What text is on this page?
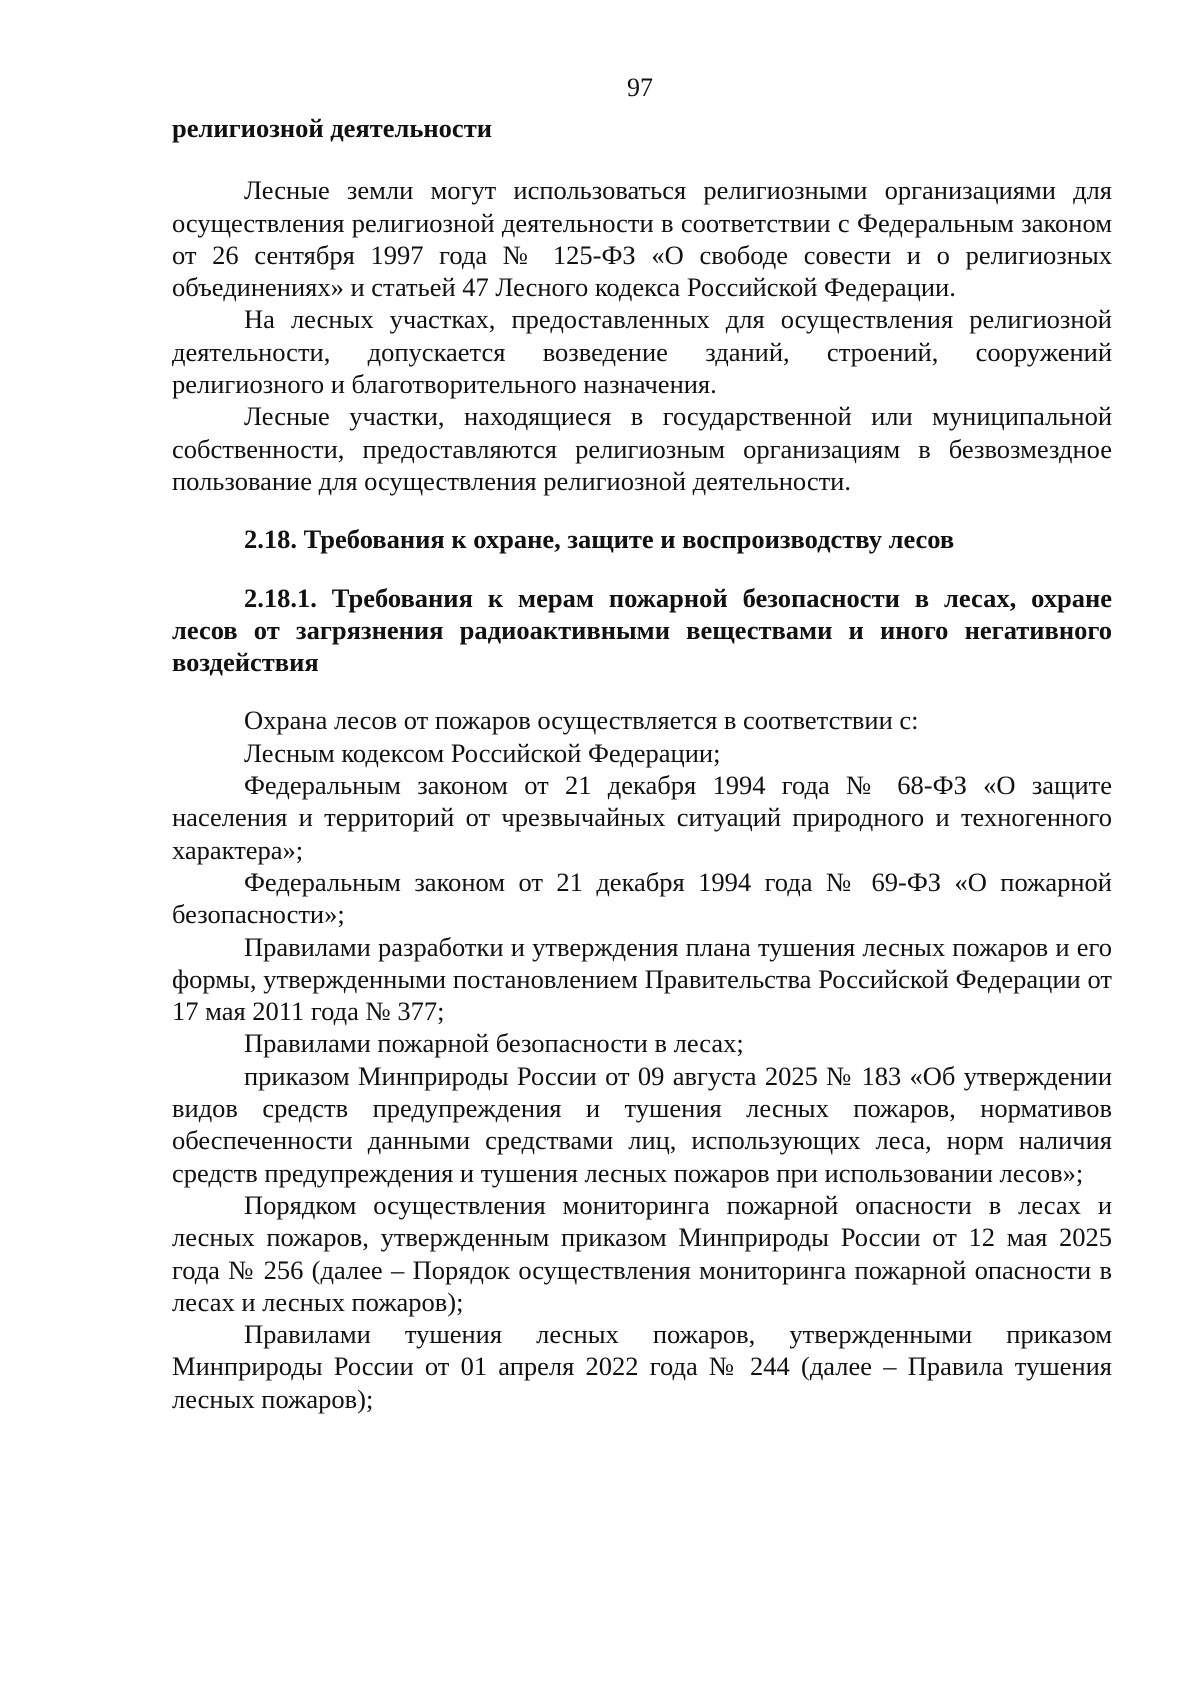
97

религиозной деятельности

Лесные земли могут использоваться религиозными организациями для осуществления религиозной деятельности в соответствии с Федеральным законом от 26 сентября 1997 года № 125-ФЗ «О свободе совести и о религиозных объединениях» и статьей 47 Лесного кодекса Российской Федерации.

На лесных участках, предоставленных для осуществления религиозной деятельности, допускается возведение зданий, строений, сооружений религиозного и благотворительного назначения.

Лесные участки, находящиеся в государственной или муниципальной собственности, предоставляются религиозным организациям в безвозмездное пользование для осуществления религиозной деятельности.

2.18. Требования к охране, защите и воспроизводству лесов

2.18.1. Требования к мерам пожарной безопасности в лесах, охране лесов от загрязнения радиоактивными веществами и иного негативного воздействия

Охрана лесов от пожаров осуществляется в соответствии с:

Лесным кодексом Российской Федерации;

Федеральным законом от 21 декабря 1994 года № 68-ФЗ «О защите населения и территорий от чрезвычайных ситуаций природного и техногенного характера»;

Федеральным законом от 21 декабря 1994 года № 69-ФЗ «О пожарной безопасности»;

Правилами разработки и утверждения плана тушения лесных пожаров и его формы, утвержденными постановлением Правительства Российской Федерации от 17 мая 2011 года № 377;

Правилами пожарной безопасности в лесах;

приказом Минприроды России от 09 августа 2025 № 183 «Об утверждении видов средств предупреждения и тушения лесных пожаров, нормативов обеспеченности данными средствами лиц, использующих леса, норм наличия средств предупреждения и тушения лесных пожаров при использовании лесов»;

Порядком осуществления мониторинга пожарной опасности в лесах и лесных пожаров, утвержденным приказом Минприроды России от 12 мая 2025 года № 256 (далее – Порядок осуществления мониторинга пожарной опасности в лесах и лесных пожаров);

Правилами тушения лесных пожаров, утвержденными приказом Минприроды России от 01 апреля 2022 года № 244 (далее – Правила тушения лесных пожаров);
